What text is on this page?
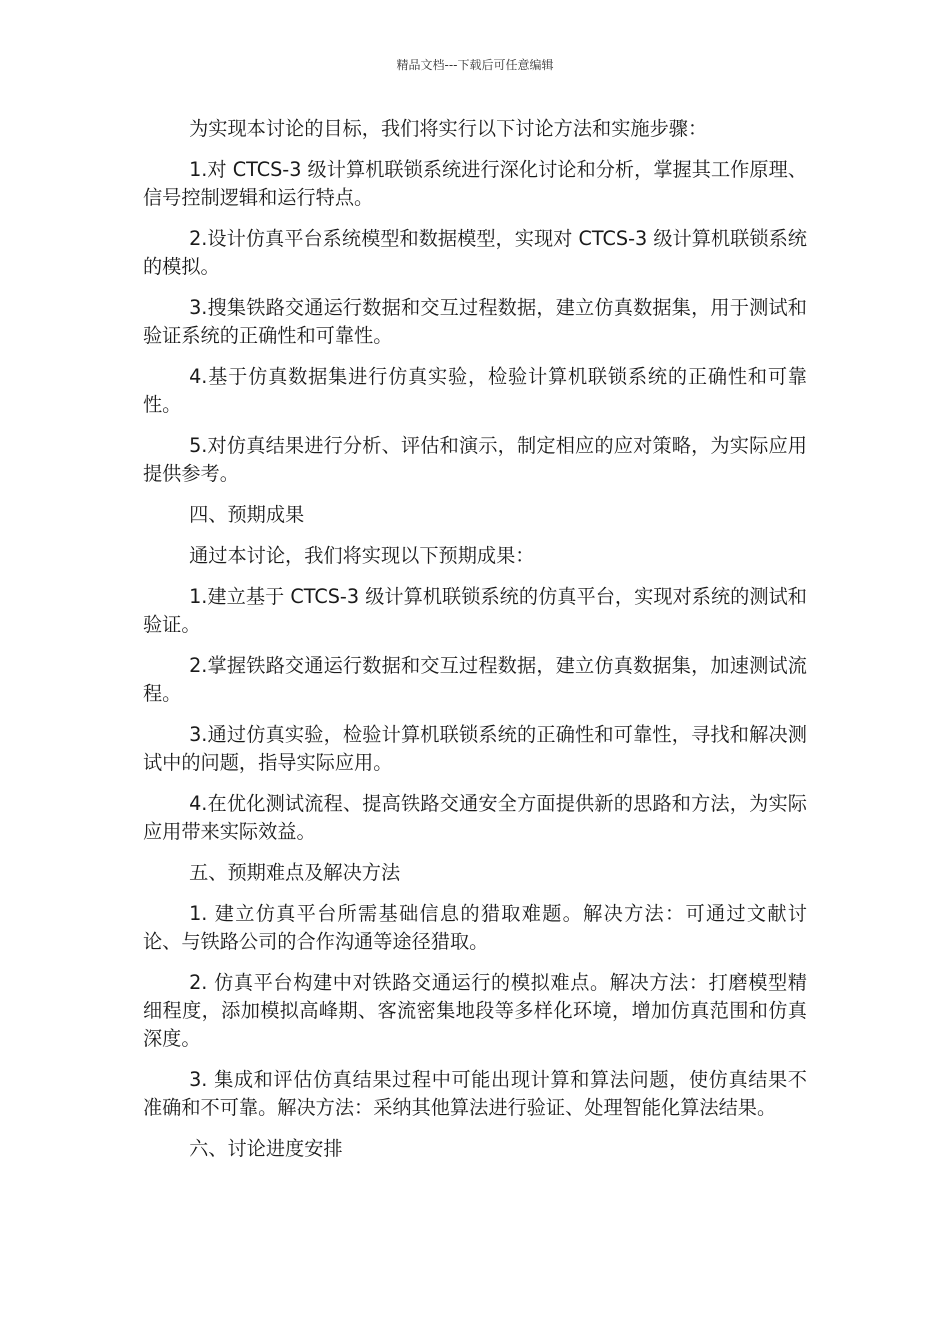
精品文档---下载后可任意编辑

为实现本讨论的目标，我们将实行以下讨论方法和实施步骤：

1.对 CTCS-3 级计算机联锁系统进行深化讨论和分析，掌握其工作原理、信号控制逻辑和运行特点。

2.设计仿真平台系统模型和数据模型，实现对 CTCS-3 级计算机联锁系统的模拟。

3.搜集铁路交通运行数据和交互过程数据，建立仿真数据集，用于测试和验证系统的正确性和可靠性。

4.基于仿真数据集进行仿真实验，检验计算机联锁系统的正确性和可靠性。

5.对仿真结果进行分析、评估和演示，制定相应的应对策略，为实际应用提供参考。

四、预期成果

通过本讨论，我们将实现以下预期成果：

1.建立基于 CTCS-3 级计算机联锁系统的仿真平台，实现对系统的测试和验证。

2.掌握铁路交通运行数据和交互过程数据，建立仿真数据集，加速测试流程。

3.通过仿真实验，检验计算机联锁系统的正确性和可靠性，寻找和解决测试中的问题，指导实际应用。

4.在优化测试流程、提高铁路交通安全方面提供新的思路和方法，为实际应用带来实际效益。

五、预期难点及解决方法

1. 建立仿真平台所需基础信息的猎取难题。解决方法：可通过文献讨论、与铁路公司的合作沟通等途径猎取。

2. 仿真平台构建中对铁路交通运行的模拟难点。解决方法：打磨模型精细程度，添加模拟高峰期、客流密集地段等多样化环境，增加仿真范围和仿真深度。

3. 集成和评估仿真结果过程中可能出现计算和算法问题，使仿真结果不准确和不可靠。解决方法：采纳其他算法进行验证、处理智能化算法结果。

六、讨论进度安排
